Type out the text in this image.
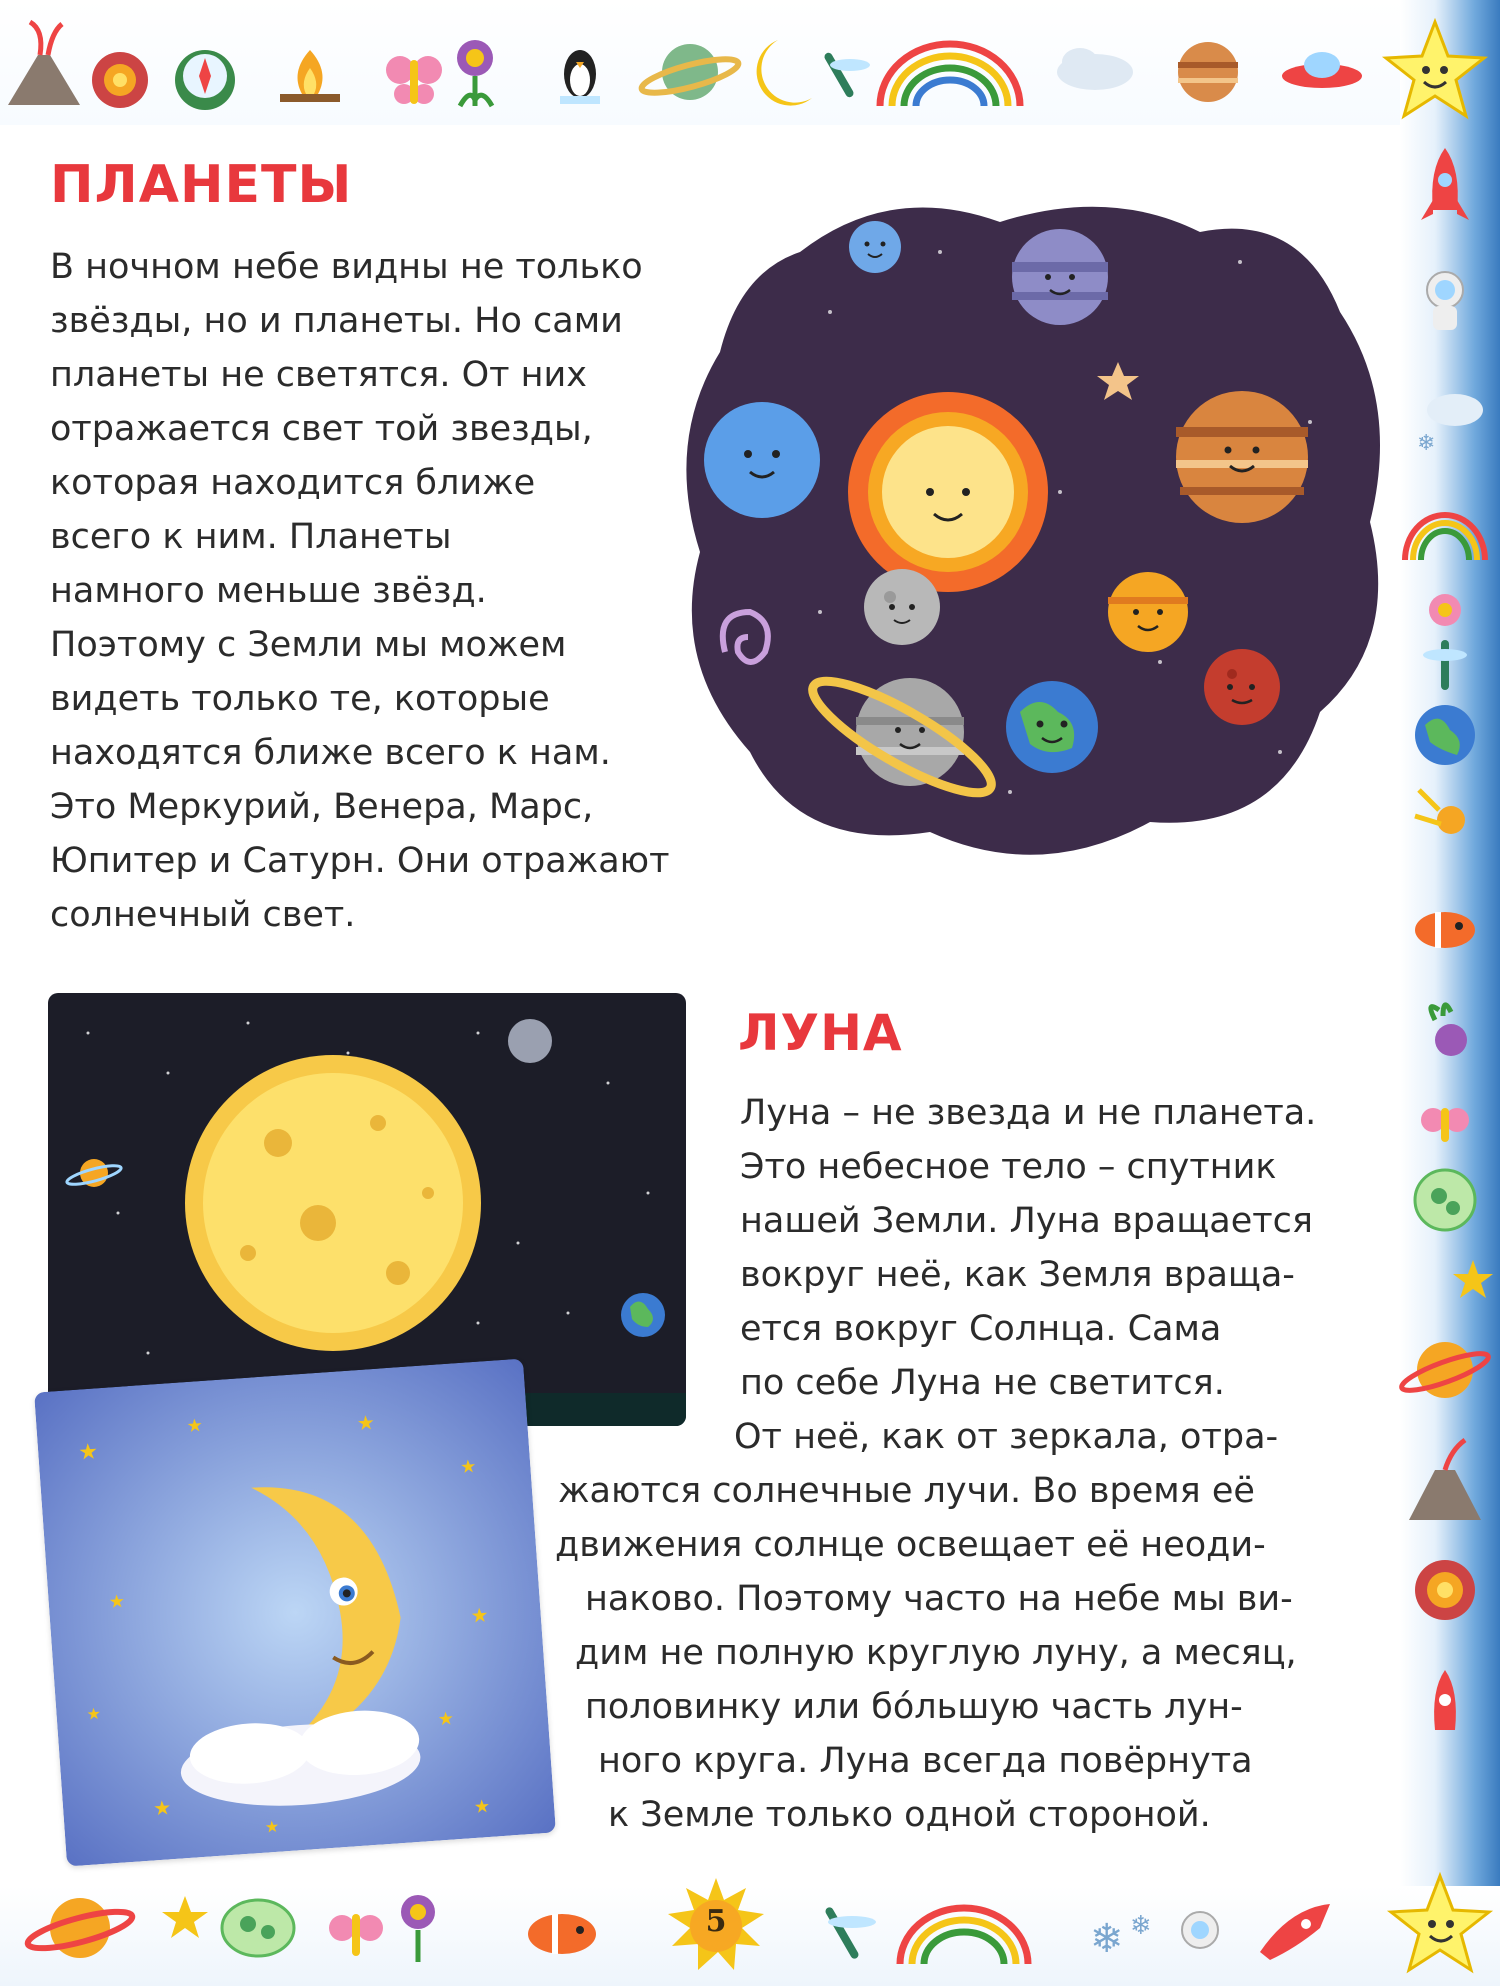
❄
❄ ❄
ПЛАНЕТЫ
В ночном небе видны не только
звёзды, но и планеты. Но сами
планеты не светятся. От них
отражается свет той звезды,
которая находится ближе
всего к ним. Планеты
намного меньше звёзд.
Поэтому с Земли мы можем
видеть только те, которые
находятся ближе всего к нам.
Это Меркурий, Венера, Марс,
Юпитер и Сатурн. Они отражают
солнечный свет.
★
★	★
★
★
★
★
★
★
★
★
ЛУНА
Луна – не звезда и не планета.
Это небесное тело – спутник
нашей Земли. Луна вращается
вокруг неё, как Земля враща-
ется вокруг Солнца. Сама
по себе Луна не светится.
От неё, как от зеркала, отра-
жаются солнечные лучи. Во время её
движения солнце освещает её неоди-
наково. Поэтому часто на небе мы ви-
дим не полную круглую луну, а месяц,
половинку или бóльшую часть лун-
ного круга. Луна всегда повёрнута
к Земле только одной стороной.
5
